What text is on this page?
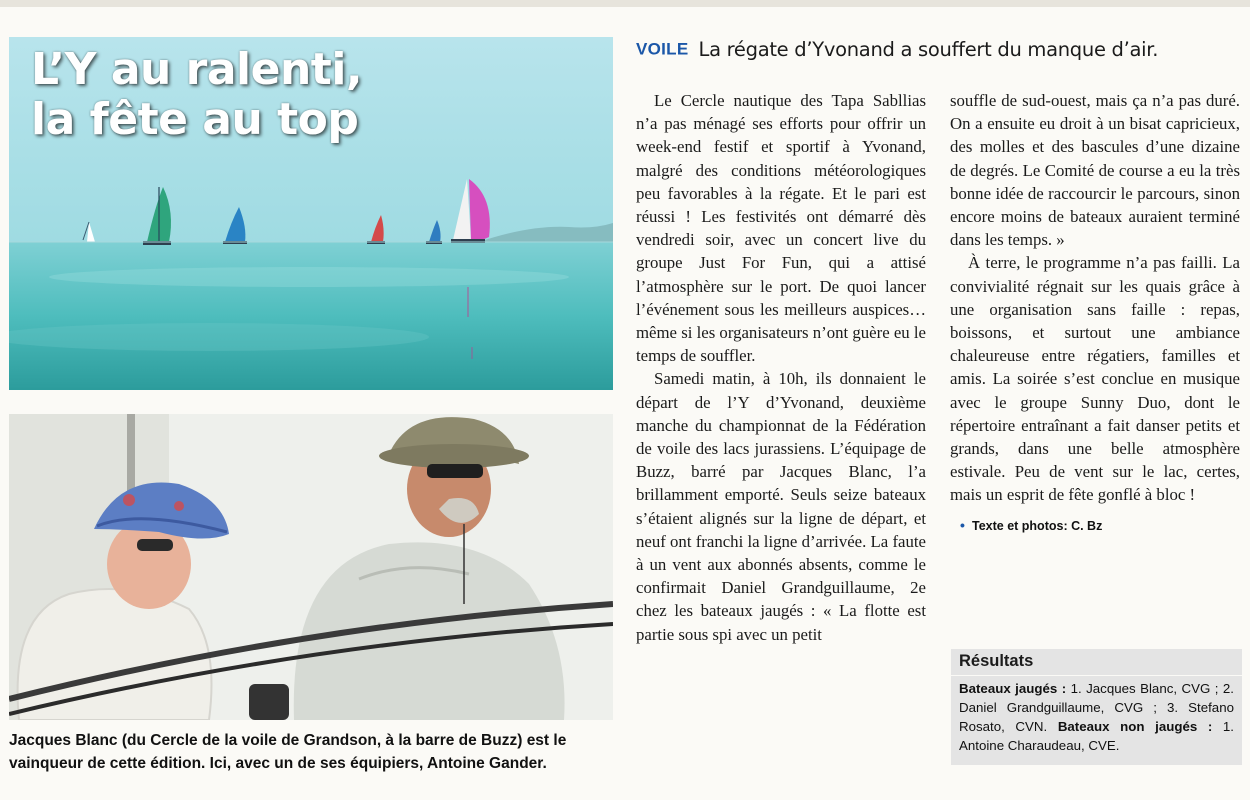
L’Y au ralenti,
la fête au top
Jacques Blanc (du Cercle de la voile de Grandson, à la barre de Buzz) est le vainqueur de cette édition. Ici, avec un de ses équipiers, Antoine Gander.
VOILE La régate d’Yvonand a souffert du manque d’air.

Le Cercle nautique des Tapa Sabllias n’a pas ménagé ses efforts pour offrir un week-end festif et sportif à Yvonand, malgré des conditions météorologiques peu favorables à la régate. Et le pari est réussi ! Les festivités ont démarré dès vendredi soir, avec un concert live du groupe Just For Fun, qui a attisé l’atmosphère sur le port. De quoi lancer l’événement sous les meilleurs auspices… même si les organisateurs n’ont guère eu le temps de souffler.

Samedi matin, à 10h, ils donnaient le départ de l’Y d’Yvonand, deuxième manche du championnat de la Fédération de voile des lacs jurassiens. L’équipage de Buzz, barré par Jacques Blanc, l’a brillamment emporté. Seuls seize bateaux s’étaient alignés sur la ligne de départ, et neuf ont franchi la ligne d’arrivée. La faute à un vent aux abonnés absents, comme le confirmait Daniel Grandguillaume, 2e chez les bateaux jaugés : « La flotte est partie sous spi avec un petit

souffle de sud-ouest, mais ça n’a pas duré. On a ensuite eu droit à un bisat capricieux, des molles et des bascules d’une dizaine de degrés. Le Comité de course a eu la très bonne idée de raccourcir le parcours, sinon encore moins de bateaux auraient terminé dans les temps. »

À terre, le programme n’a pas failli. La convivialité régnait sur les quais grâce à une organisation sans faille : repas, boissons, et surtout une ambiance chaleureuse entre régatiers, familles et amis. La soirée s’est conclue en musique avec le groupe Sunny Duo, dont le répertoire entraînant a fait danser petits et grands, dans une belle atmosphère estivale. Peu de vent sur le lac, certes, mais un esprit de fête gonflé à bloc !

• Texte et photos: C. Bz
Résultats
Bateaux jaugés : 1. Jacques Blanc, CVG ; 2. Daniel Grandguillaume, CVG ; 3. Stefano Rosato, CVN. Bateaux non jaugés : 1. Antoine Charaudeau, CVE.
